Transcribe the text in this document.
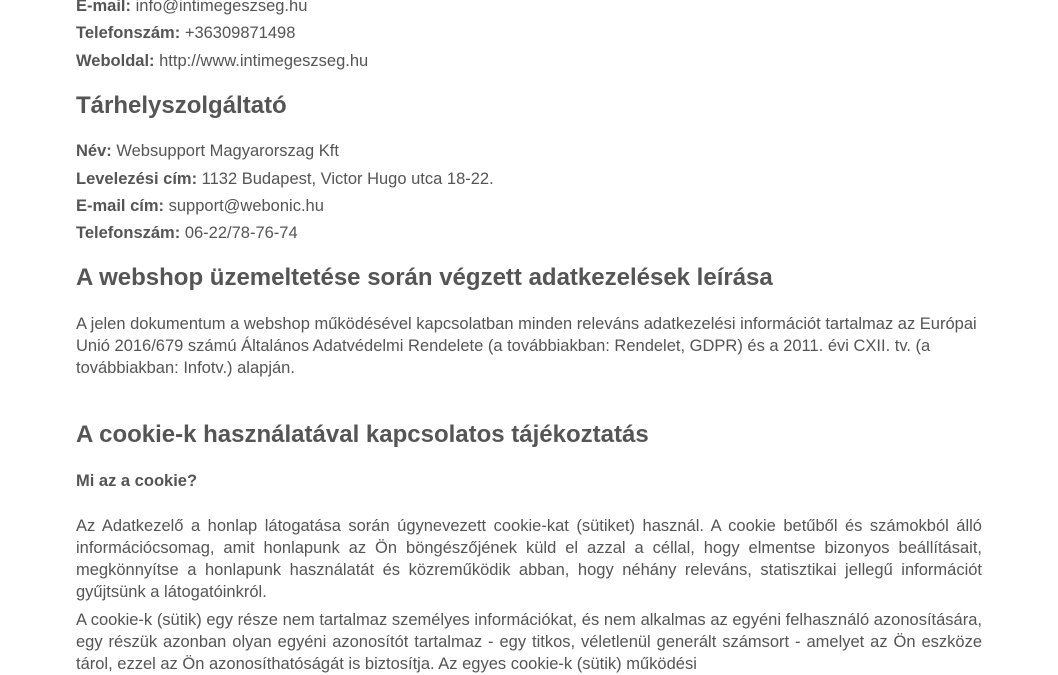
E-mail: info@intimegeszseg.hu
Telefonszám: +36309871498
Weboldal: http://www.intimegeszseg.hu
Tárhelyszolgáltató
Név: Websupport Magyarorszag Kft
Levelezési cím: 1132 Budapest, Victor Hugo utca 18-22.
E-mail cím: support@webonic.hu
Telefonszám: 06-22/78-76-74
A webshop üzemeltetése során végzett adatkezelések leírása
A jelen dokumentum a webshop működésével kapcsolatban minden releváns adatkezelési információt tartalmaz az Európai Unió 2016/679 számú Általános Adatvédelmi Rendelete (a továbbiakban: Rendelet, GDPR) és a 2011. évi CXII. tv. (a továbbiakban: Infotv.) alapján.
A cookie-k használatával kapcsolatos tájékoztatás
Mi az a cookie?
Az Adatkezelő a honlap látogatása során úgynevezett cookie-kat (sütiket) használ. A cookie betűből és számokból álló információcsomag, amit honlapunk az Ön böngészőjének küld el azzal a céllal, hogy elmentse bizonyos beállításait, megkönnyítse a honlapunk használatát és közreműködik abban, hogy néhány releváns, statisztikai jellegű információt gyűjtsünk a látogatóinkról.
A cookie-k (sütik) egy része nem tartalmaz személyes információkat, és nem alkalmas az egyéni felhasználó azonosítására, egy részük azonban olyan egyéni azonosítót tartalmaz - egy titkos, véletlenül generált számsort - amelyet az Ön eszköze tárol, ezzel az Ön azonosíthatóságát is biztosítja. Az egyes cookie-k (sütik) működési
